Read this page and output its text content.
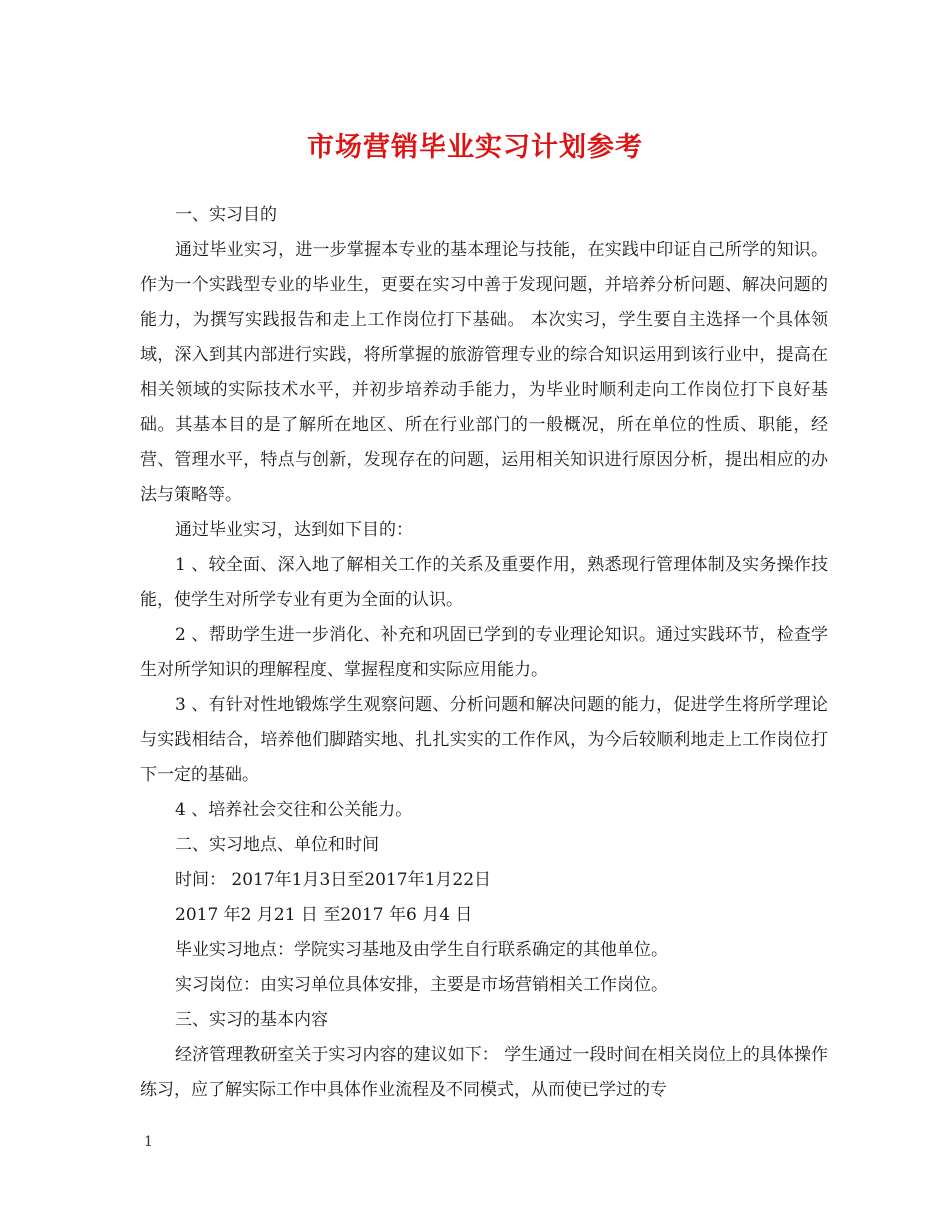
市场营销毕业实习计划参考

一、实习目的

通过毕业实习，进一步掌握本专业的基本理论与技能，在实践中印证自己所学的知识。作为一个实践型专业的毕业生，更要在实习中善于发现问题，并培养分析问题、解决问题的能力，为撰写实践报告和走上工作岗位打下基础。 本次实习，学生要自主选择一个具体领域，深入到其内部进行实践，将所掌握的旅游管理专业的综合知识运用到该行业中，提高在相关领域的实际技术水平，并初步培养动手能力，为毕业时顺利走向工作岗位打下良好基础。其基本目的是了解所在地区、所在行业部门的一般概况，所在单位的性质、职能，经营、管理水平，特点与创新，发现存在的问题，运用相关知识进行原因分析，提出相应的办法与策略等。

通过毕业实习，达到如下目的：

1 、较全面、深入地了解相关工作的关系及重要作用，熟悉现行管理体制及实务操作技能，使学生对所学专业有更为全面的认识。

2 、帮助学生进一步消化、补充和巩固已学到的专业理论知识。通过实践环节，检查学生对所学知识的理解程度、掌握程度和实际应用能力。

3 、有针对性地锻炼学生观察问题、分析问题和解决问题的能力，促进学生将所学理论与实践相结合，培养他们脚踏实地、扎扎实实的工作作风，为今后较顺利地走上工作岗位打下一定的基础。

4 、培养社会交往和公关能力。

二、实习地点、单位和时间

时间： 2017年1月3日至2017年1月22日

2017 年2 月21 日 至2017 年6 月4 日

毕业实习地点：学院实习基地及由学生自行联系确定的其他单位。

实习岗位：由实习单位具体安排，主要是市场营销相关工作岗位。

三、实习的基本内容

经济管理教研室关于实习内容的建议如下： 学生通过一段时间在相关岗位上的具体操作练习，应了解实际工作中具体作业流程及不同模式，从而使已学过的专

1
